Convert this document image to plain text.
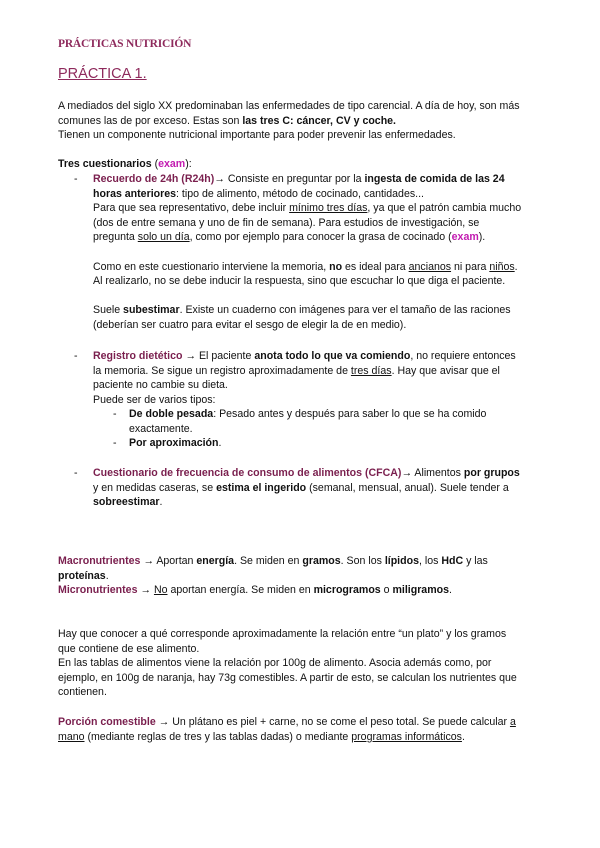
PRÁCTICAS NUTRICIÓN
PRÁCTICA 1.
A mediados del siglo XX predominaban las enfermedades de tipo carencial. A día de hoy, son más
comunes las de por exceso. Estas son las tres C: cáncer, CV y coche.
Tienen un componente nutricional importante para poder prevenir las enfermedades.
Tres cuestionarios (exam):
- Recuerdo de 24h (R24h)→ Consiste en preguntar por la ingesta de comida de las 24
horas anteriores: tipo de alimento, método de cocinado, cantidades...
Para que sea representativo, debe incluir mínimo tres días, ya que el patrón cambia mucho
(dos de entre semana y uno de fin de semana). Para estudios de investigación, se
pregunta solo un día, como por ejemplo para conocer la grasa de cocinado (exam).
Como en este cuestionario interviene la memoria, no es ideal para ancianos ni para niños.
Al realizarlo, no se debe inducir la respuesta, sino que escuchar lo que diga el paciente.
Suele subestimar. Existe un cuaderno con imágenes para ver el tamaño de las raciones
(deberían ser cuatro para evitar el sesgo de elegir la de en medio).
- Registro dietético → El paciente anota todo lo que va comiendo, no requiere entonces
la memoria. Se sigue un registro aproximadamente de tres días. Hay que avisar que el
paciente no cambie su dieta.
Puede ser de varios tipos:
- De doble pesada: Pesado antes y después para saber lo que se ha comido
exactamente.
- Por aproximación.
- Cuestionario de frecuencia de consumo de alimentos (CFCA)→ Alimentos por grupos
y en medidas caseras, se estima el ingerido (semanal, mensual, anual). Suele tender a
sobreestimar.
Macronutrientes → Aportan energía. Se miden en gramos. Son los lípidos, los HdC y las
proteínas.
Micronutrientes → No aportan energía. Se miden en microgramos o miligramos.
Hay que conocer a qué corresponde aproximadamente la relación entre “un plato” y los gramos
que contiene de ese alimento.
En las tablas de alimentos viene la relación por 100g de alimento. Asocia además como, por
ejemplo, en 100g de naranja, hay 73g comestibles. A partir de esto, se calculan los nutrientes que
contienen.
Porción comestible → Un plátano es piel + carne, no se come el peso total. Se puede calcular a
mano (mediante reglas de tres y las tablas dadas) o mediante programas informáticos.
